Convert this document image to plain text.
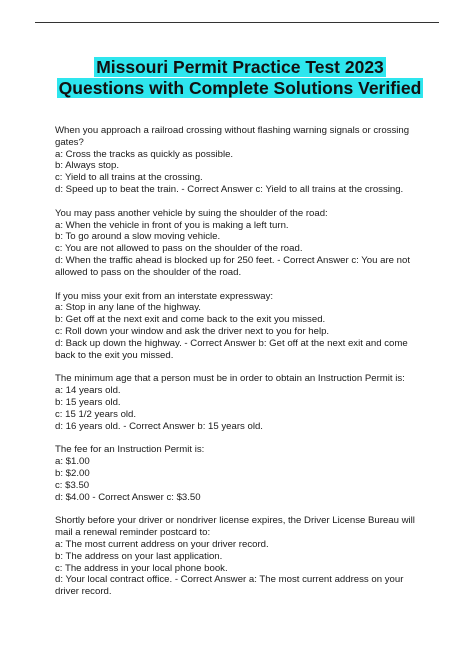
Missouri Permit Practice Test 2023 Questions with Complete Solutions Verified

When you approach a railroad crossing without flashing warning signals or crossing gates?

a: Cross the tracks as quickly as possible.

b: Always stop.

c: Yield to all trains at the crossing.

d: Speed up to beat the train. - Correct Answer c: Yield to all trains at the crossing.

You may pass another vehicle by suing the shoulder of the road:

a: When the vehicle in front of you is making a left turn.

b: To go around a slow moving vehicle.

c: You are not allowed to pass on the shoulder of the road.

d: When the traffic ahead is blocked up for 250 feet. - Correct Answer c: You are not allowed to pass on the shoulder of the road.

If you miss your exit from an interstate expressway:

a: Stop in any lane of the highway.

b: Get off at the next exit and come back to the exit you missed.

c: Roll down your window and ask the driver next to you for help.

d: Back up down the highway. - Correct Answer b: Get off at the next exit and come back to the exit you missed.

The minimum age that a person must be in order to obtain an Instruction Permit is:

a: 14 years old.

b: 15 years old.

c: 15 1/2 years old.

d: 16 years old. - Correct Answer b: 15 years old.

The fee for an Instruction Permit is:

a: $1.00

b: $2.00

c: $3.50

d: $4.00 - Correct Answer c: $3.50

Shortly before your driver or nondriver license expires, the Driver License Bureau will mail a renewal reminder postcard to:

a: The most current address on your driver record.

b: The address on your last application.

c: The address in your local phone book.

d: Your local contract office. - Correct Answer a: The most current address on your driver record.
